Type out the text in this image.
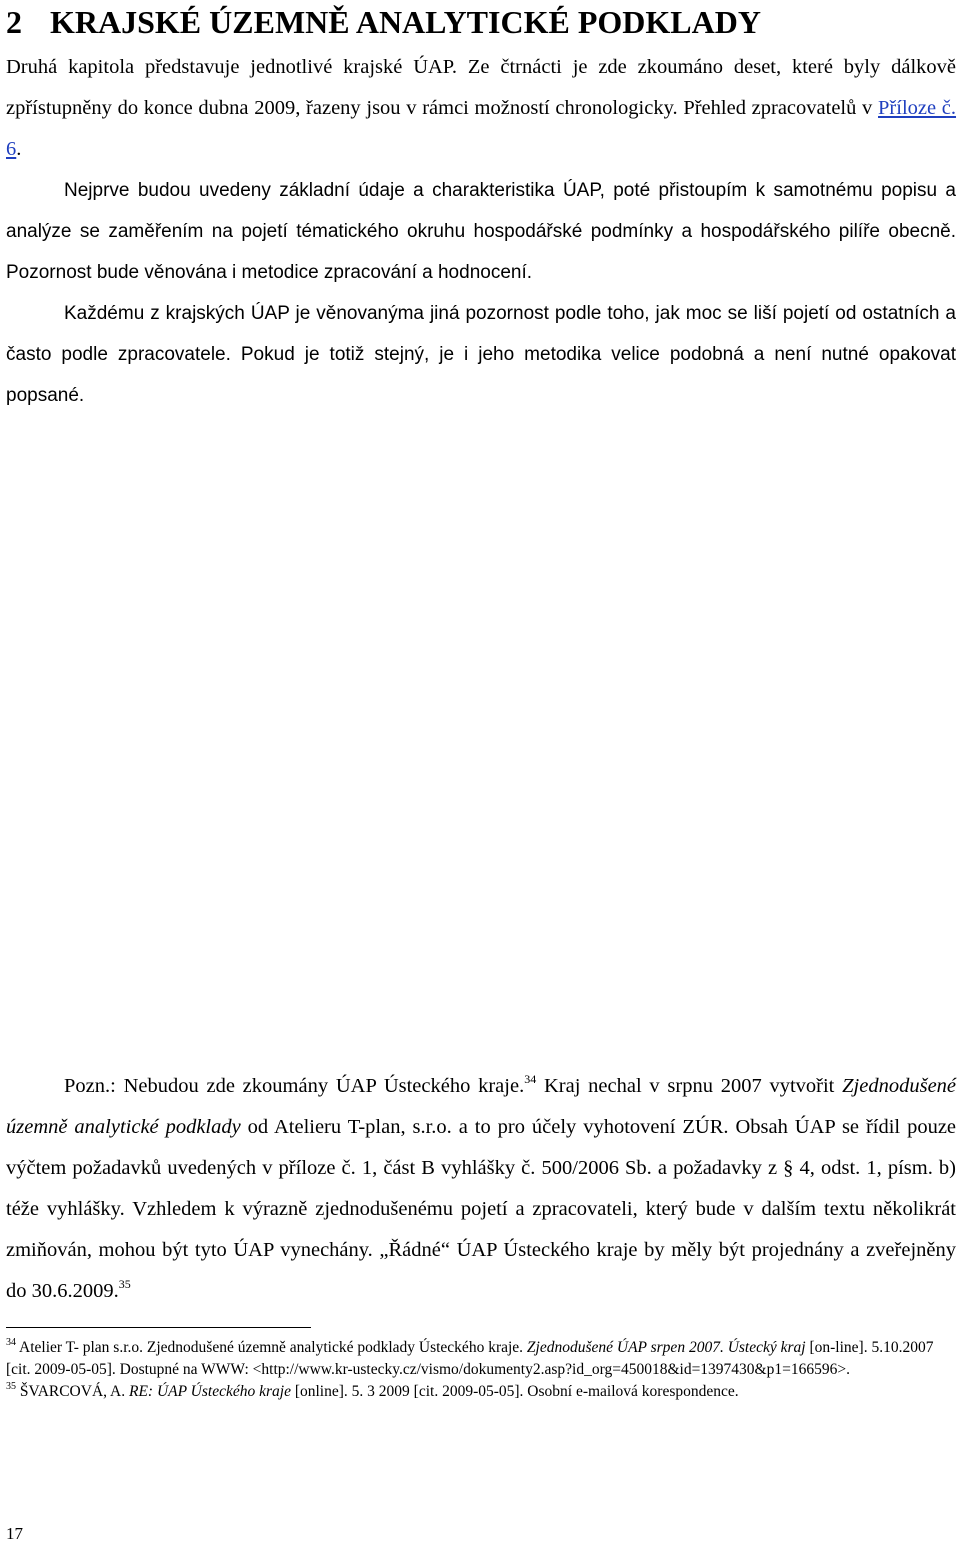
2 KRAJSKÉ ÚZEMNĚ ANALYTICKÉ PODKLADY

Druhá kapitola představuje jednotlivé krajské ÚAP. Ze čtrnácti je zde zkoumáno deset, které byly dálkově zpřístupněny do konce dubna 2009, řazeny jsou v rámci možností chronologicky. Přehled zpracovatelů v Příloze č. 6.

Nejprve budou uvedeny základní údaje a charakteristika ÚAP, poté přistoupím k samotnému popisu a analýze se zaměřením na pojetí tématického okruhu hospodářské podmínky a hospodářského pilíře obecně. Pozornost bude věnována i metodice zpracování a hodnocení.

Každému z krajských ÚAP je věnovanýma jiná pozornost podle toho, jak moc se liší pojetí od ostatních a často podle zpracovatele. Pokud je totiž stejný, je i jeho metodika velice podobná a není nutné opakovat popsané.

Pozn.: Nebudou zde zkoumány ÚAP Ústeckého kraje.$^{34}$ Kraj nechal v srpnu 2007 vytvořit Zjednodušené územně analytické podklady od Atelieru T-plan, s.r.o. a to pro účely vyhotovení ZÚR. Obsah ÚAP se řídil pouze výčtem požadavků uvedených v příloze č. 1, část B vyhlášky č. 500/2006 Sb. a požadavky z § 4, odst. 1, písm. b) téže vyhlášky. Vzhledem k výrazně zjednodušenému pojetí a zpracovateli, který bude v dalším textu několikrát zmiňován, mohou být tyto ÚAP vynechány. „Řádné“ ÚAP Ústeckého kraje by měly být projednány a zveřejněny do 30.6.2009.35

$^{34}$ Atelier T- plan s.r.o. Zjednodušené územně analytické podklady Ústeckého kraje. Zjednodušené ÚAP srpen 2007. Ústecký kraj [on-line]. 5.10.2007 [cit. 2009-05-05]. Dostupné na WWW: <http://www.kr-ustecky.cz/vismo/dokumenty2.asp?id_org=450018&id=1397430&p1=166596>.

$^{35}$ ŠVARCOVÁ, A. RE: ÚAP Ústeckého kraje [online]. 5. 3 2009 [cit. 2009-05-05]. Osobní e-mailová korespondence.

17
